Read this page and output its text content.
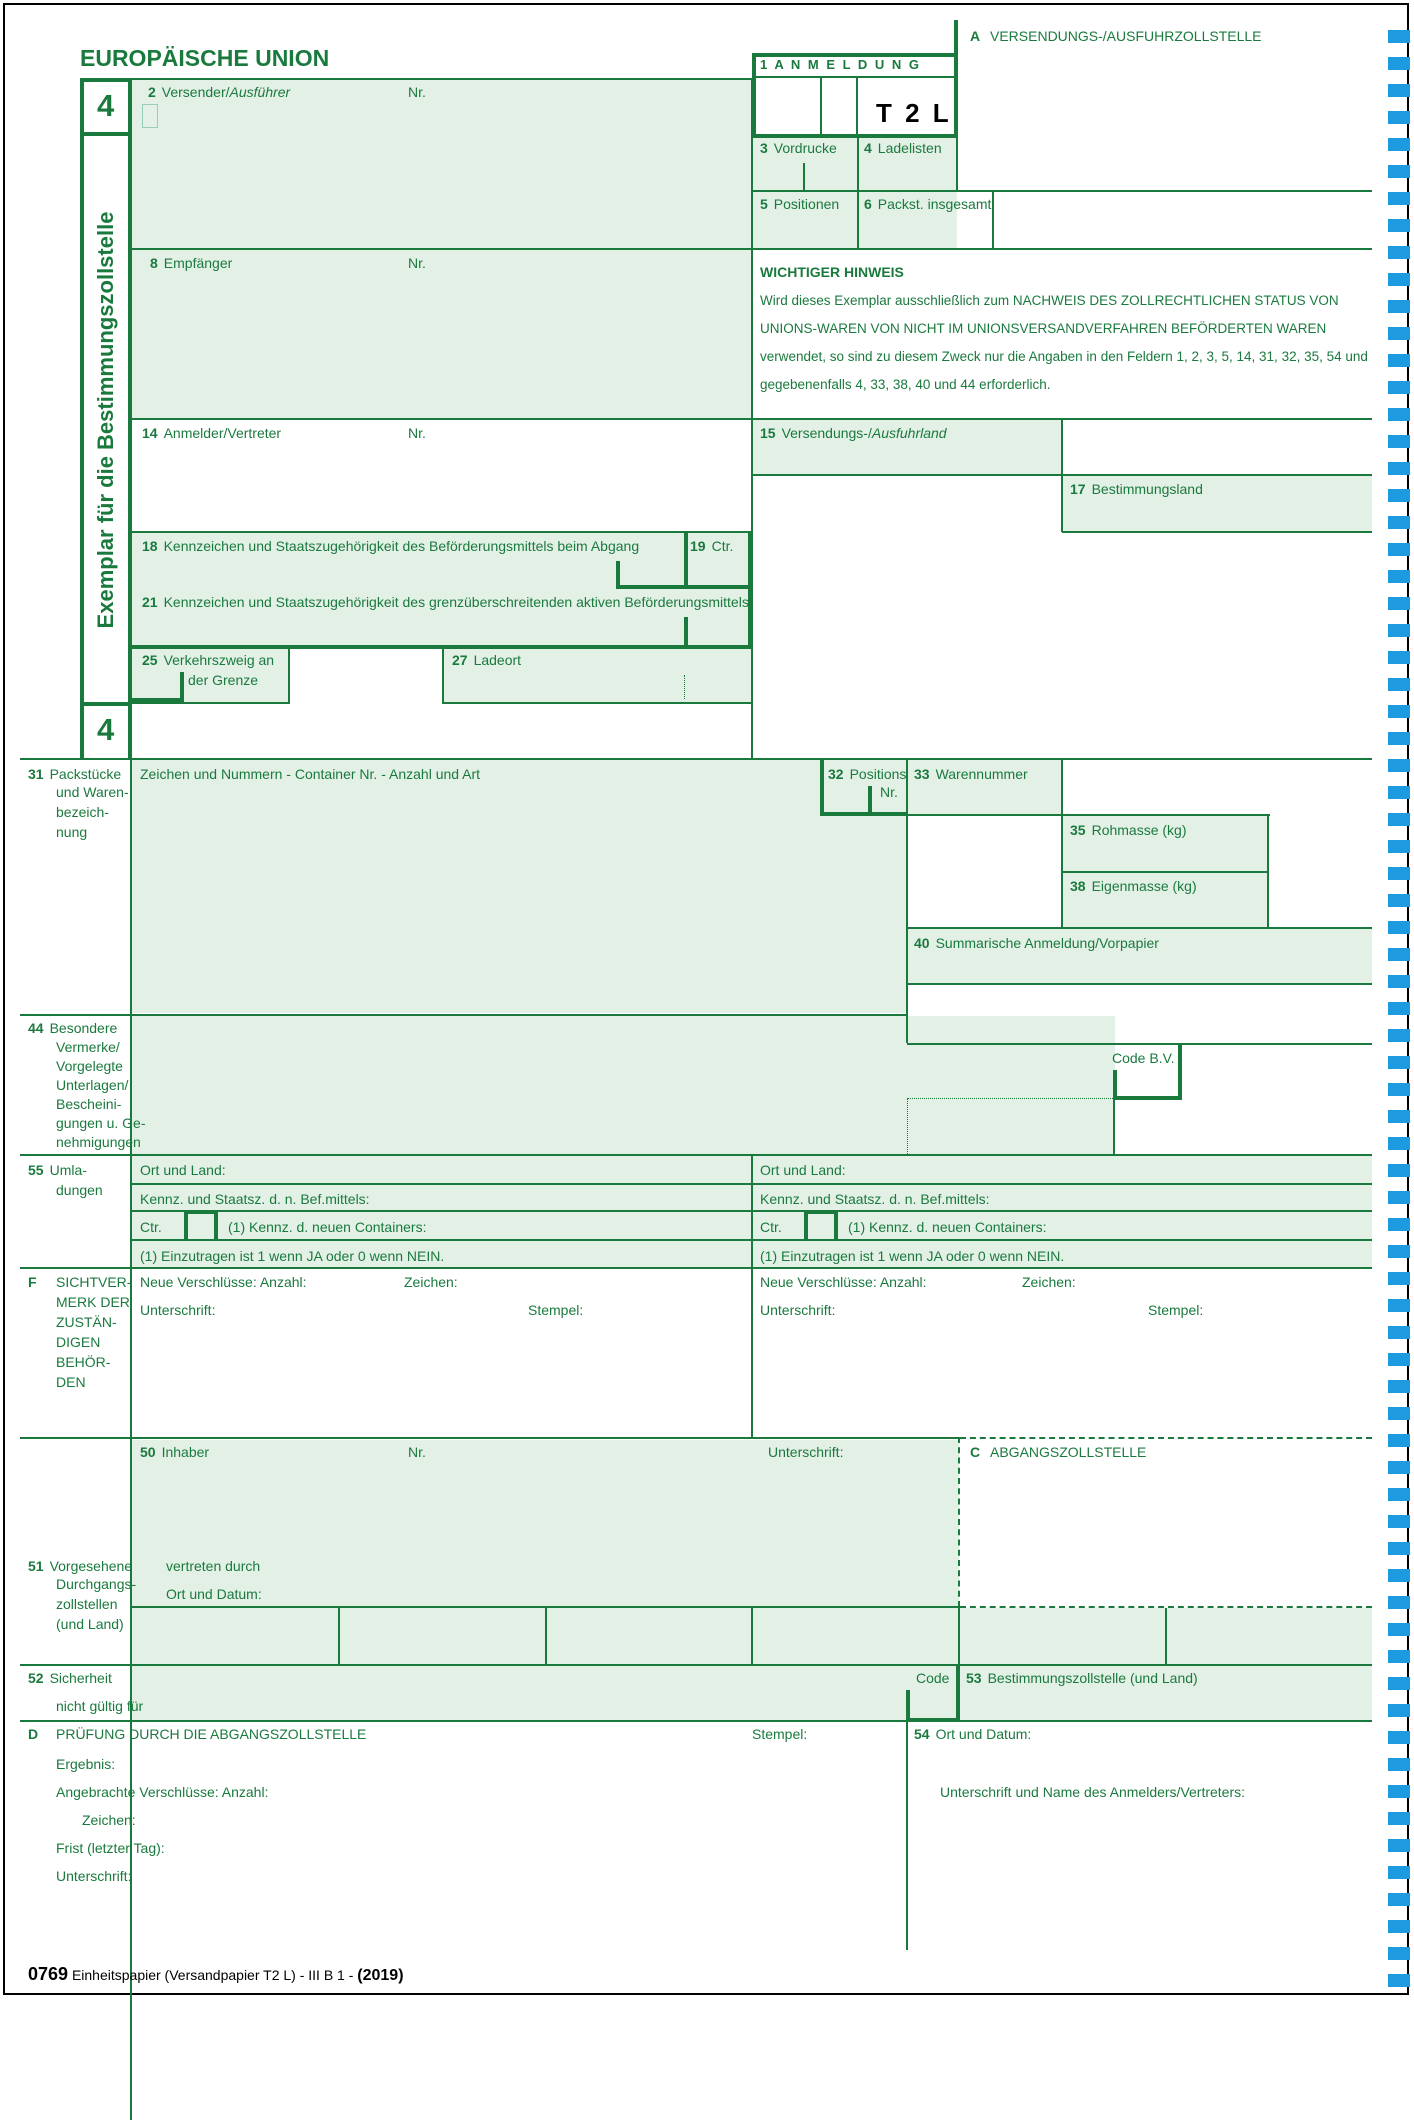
EUROPÄISCHE UNION
4
4
Exemplar für die Bestimmungszollstelle
1 A N M E L D U N G
T 2 L
A VERSENDUNGS-/AUSFUHRZOLLSTELLE
2 Versender/Ausführer	Nr.
3 Vordrucke 4 Ladelisten
5 Positionen 6 Packst. insgesamt
8 Empfänger	Nr.
WICHTIGER HINWEIS
Wird dieses Exemplar ausschließlich zum NACHWEIS DES ZOLLRECHTLICHEN STATUS VON UNIONS-WAREN VON NICHT IM UNIONSVERSANDVERFAHREN BEFÖRDERTEN WAREN verwendet, so sind zu diesem Zweck nur die Angaben in den Feldern 1, 2, 3, 5, 14, 31, 32, 35, 54 und gegebenenfalls 4, 33, 38, 40 und 44 erforderlich.
14 Anmelder/Vertreter	Nr.	15 Versendungs-/Ausfuhrland
17 Bestimmungsland
18 Kennzeichen und Staatszugehörigkeit des Beförderungsmittels beim Abgang	19 Ctr.
21 Kennzeichen und Staatszugehörigkeit des grenzüberschreitenden aktiven Beförderungsmittels
25 Verkehrszweig an
der Grenze
27 Ladeort
31 Packstücke
und Waren-
bezeich-
nung
Zeichen und Nummern - Container Nr. - Anzahl und Art	32 Positions
Nr.
33 Warennummer
35 Rohmasse (kg)
38 Eigenmasse (kg)
40 Summarische Anmeldung/Vorpapier
44 Besondere
Vermerke/
Vorgelegte
Unterlagen/
Bescheini-
gungen u. Ge-
nehmigungen
Code B.V.
55 Umla-
dungen
Ort und Land:	Ort und Land:
Kennz. und Staatsz. d. n. Bef.mittels:	Kennz. und Staatsz. d. n. Bef.mittels:
Ctr.	(1) Kennz. d. neuen Containers:	Ctr.	(1) Kennz. d. neuen Containers:
(1) Einzutragen ist 1 wenn JA oder 0 wenn NEIN.	(1) Einzutragen ist 1 wenn JA oder 0 wenn NEIN.
F SICHTVER-
MERK DER
ZUSTÄN-
DIGEN
BEHÖR-
DEN
Neue Verschlüsse: Anzahl:	Zeichen:
Unterschrift:	Stempel:
Neue Verschlüsse: Anzahl:	Zeichen:
Unterschrift:	Stempel:
50 Inhaber	Nr.	Unterschrift:	C ABGANGSZOLLSTELLE
vertreten durch
Ort und Datum:
51 Vorgesehene
Durchgangs-
zollstellen
(und Land)
52 Sicherheit
nicht gültig für
Code 53 Bestimmungszollstelle (und Land)
D PRÜFUNG DURCH DIE ABGANGSZOLLSTELLE	Stempel:
Ergebnis:
Angebrachte Verschlüsse: Anzahl:
Zeichen:
Frist (letzter Tag):
Unterschrift:
54 Ort und Datum:
Unterschrift und Name des Anmelders/Vertreters:
0769 Einheitspapier (Versandpapier T2 L) - III B 1 - (2019)
